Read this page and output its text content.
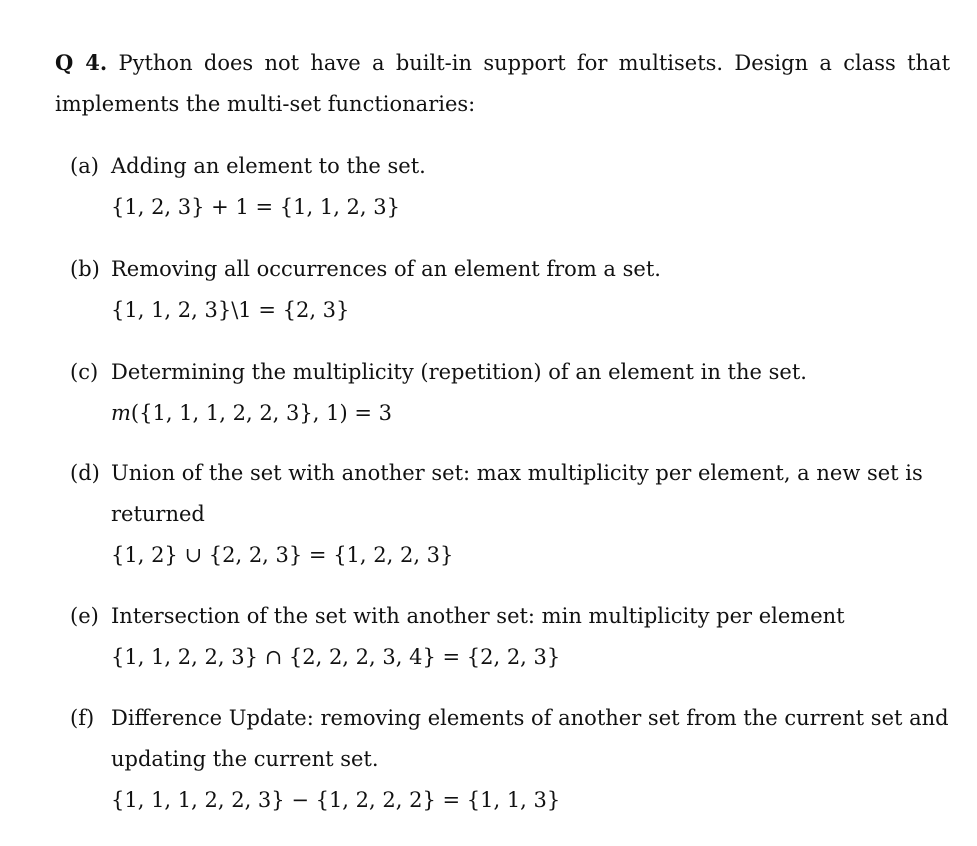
Q 4. Python does not have a built-in support for multisets. Design a class that implements the multi-set functionaries:

(a) Adding an element to the set.
{1, 2, 3} + 1 = {1, 1, 2, 3}
(b) Removing all occurrences of an element from a set.
{1, 1, 2, 3}\1 = {2, 3}
(c) Determining the multiplicity (repetition) of an element in the set.
m({1, 1, 1, 2, 2, 3}, 1) = 3
(d) Union of the set with another set: max multiplicity per element, a new set is returned
{1, 2} ∪ {2, 2, 3} = {1, 2, 2, 3}
(e) Intersection of the set with another set: min multiplicity per element
{1, 1, 2, 2, 3} ∩ {2, 2, 2, 3, 4} = {2, 2, 3}
(f) Difference Update: removing elements of another set from the current set and updating the current set.
{1, 1, 1, 2, 2, 3} − {1, 2, 2, 2} = {1, 1, 3}
